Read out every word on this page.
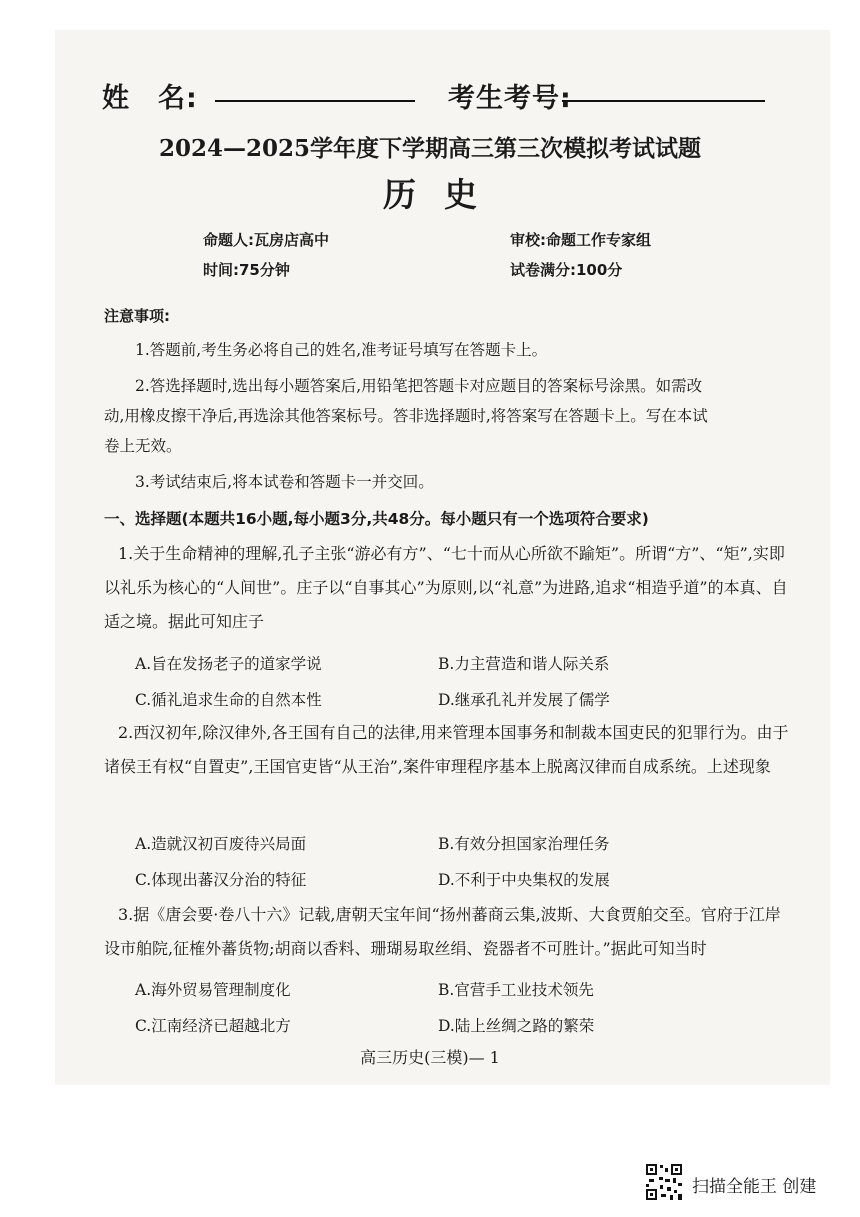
姓　名:	考生考号:
2024—2025学年度下学期高三第三次模拟考试试题
历史
命题人:瓦房店高中	审校:命题工作专家组
时间:75分钟	试卷满分:100分
注意事项:
1.答题前,考生务必将自己的姓名,准考证号填写在答题卡上。
2.答选择题时,选出每小题答案后,用铅笔把答题卡对应题目的答案标号涂黑。如需改
动,用橡皮擦干净后,再选涂其他答案标号。答非选择题时,将答案写在答题卡上。写在本试
卷上无效。
3.考试结束后,将本试卷和答题卡一并交回。
一、选择题(本题共16小题,每小题3分,共48分。每小题只有一个选项符合要求)
1.关于生命精神的理解,孔子主张“游必有方”、“七十而从心所欲不踰矩”。所谓“方”、“矩”,实即以礼乐为核心的“人间世”。庄子以“自事其心”为原则,以“礼意”为进路,追求“相造乎道”的本真、自适之境。据此可知庄子
A.旨在发扬老子的道家学说	B.力主营造和谐人际关系
C.循礼追求生命的自然本性	D.继承孔礼并发展了儒学
2.西汉初年,除汉律外,各王国有自己的法律,用来管理本国事务和制裁本国吏民的犯罪行为。由于诸侯王有权“自置吏”,王国官吏皆“从王治”,案件审理程序基本上脱离汉律而自成系统。上述现象
A.造就汉初百废待兴局面	B.有效分担国家治理任务
C.体现出蕃汉分治的特征	D.不利于中央集权的发展
3.据《唐会要·卷八十六》记载,唐朝天宝年间“扬州蕃商云集,波斯、大食贾舶交至。官府于江岸设市舶院,征榷外蕃货物;胡商以香料、珊瑚易取丝绢、瓷器者不可胜计。”据此可知当时
A.海外贸易管理制度化	B.官营手工业技术领先
C.江南经济已超越北方	D.陆上丝绸之路的繁荣
高三历史(三模)— 1
扫描全能王 创建
